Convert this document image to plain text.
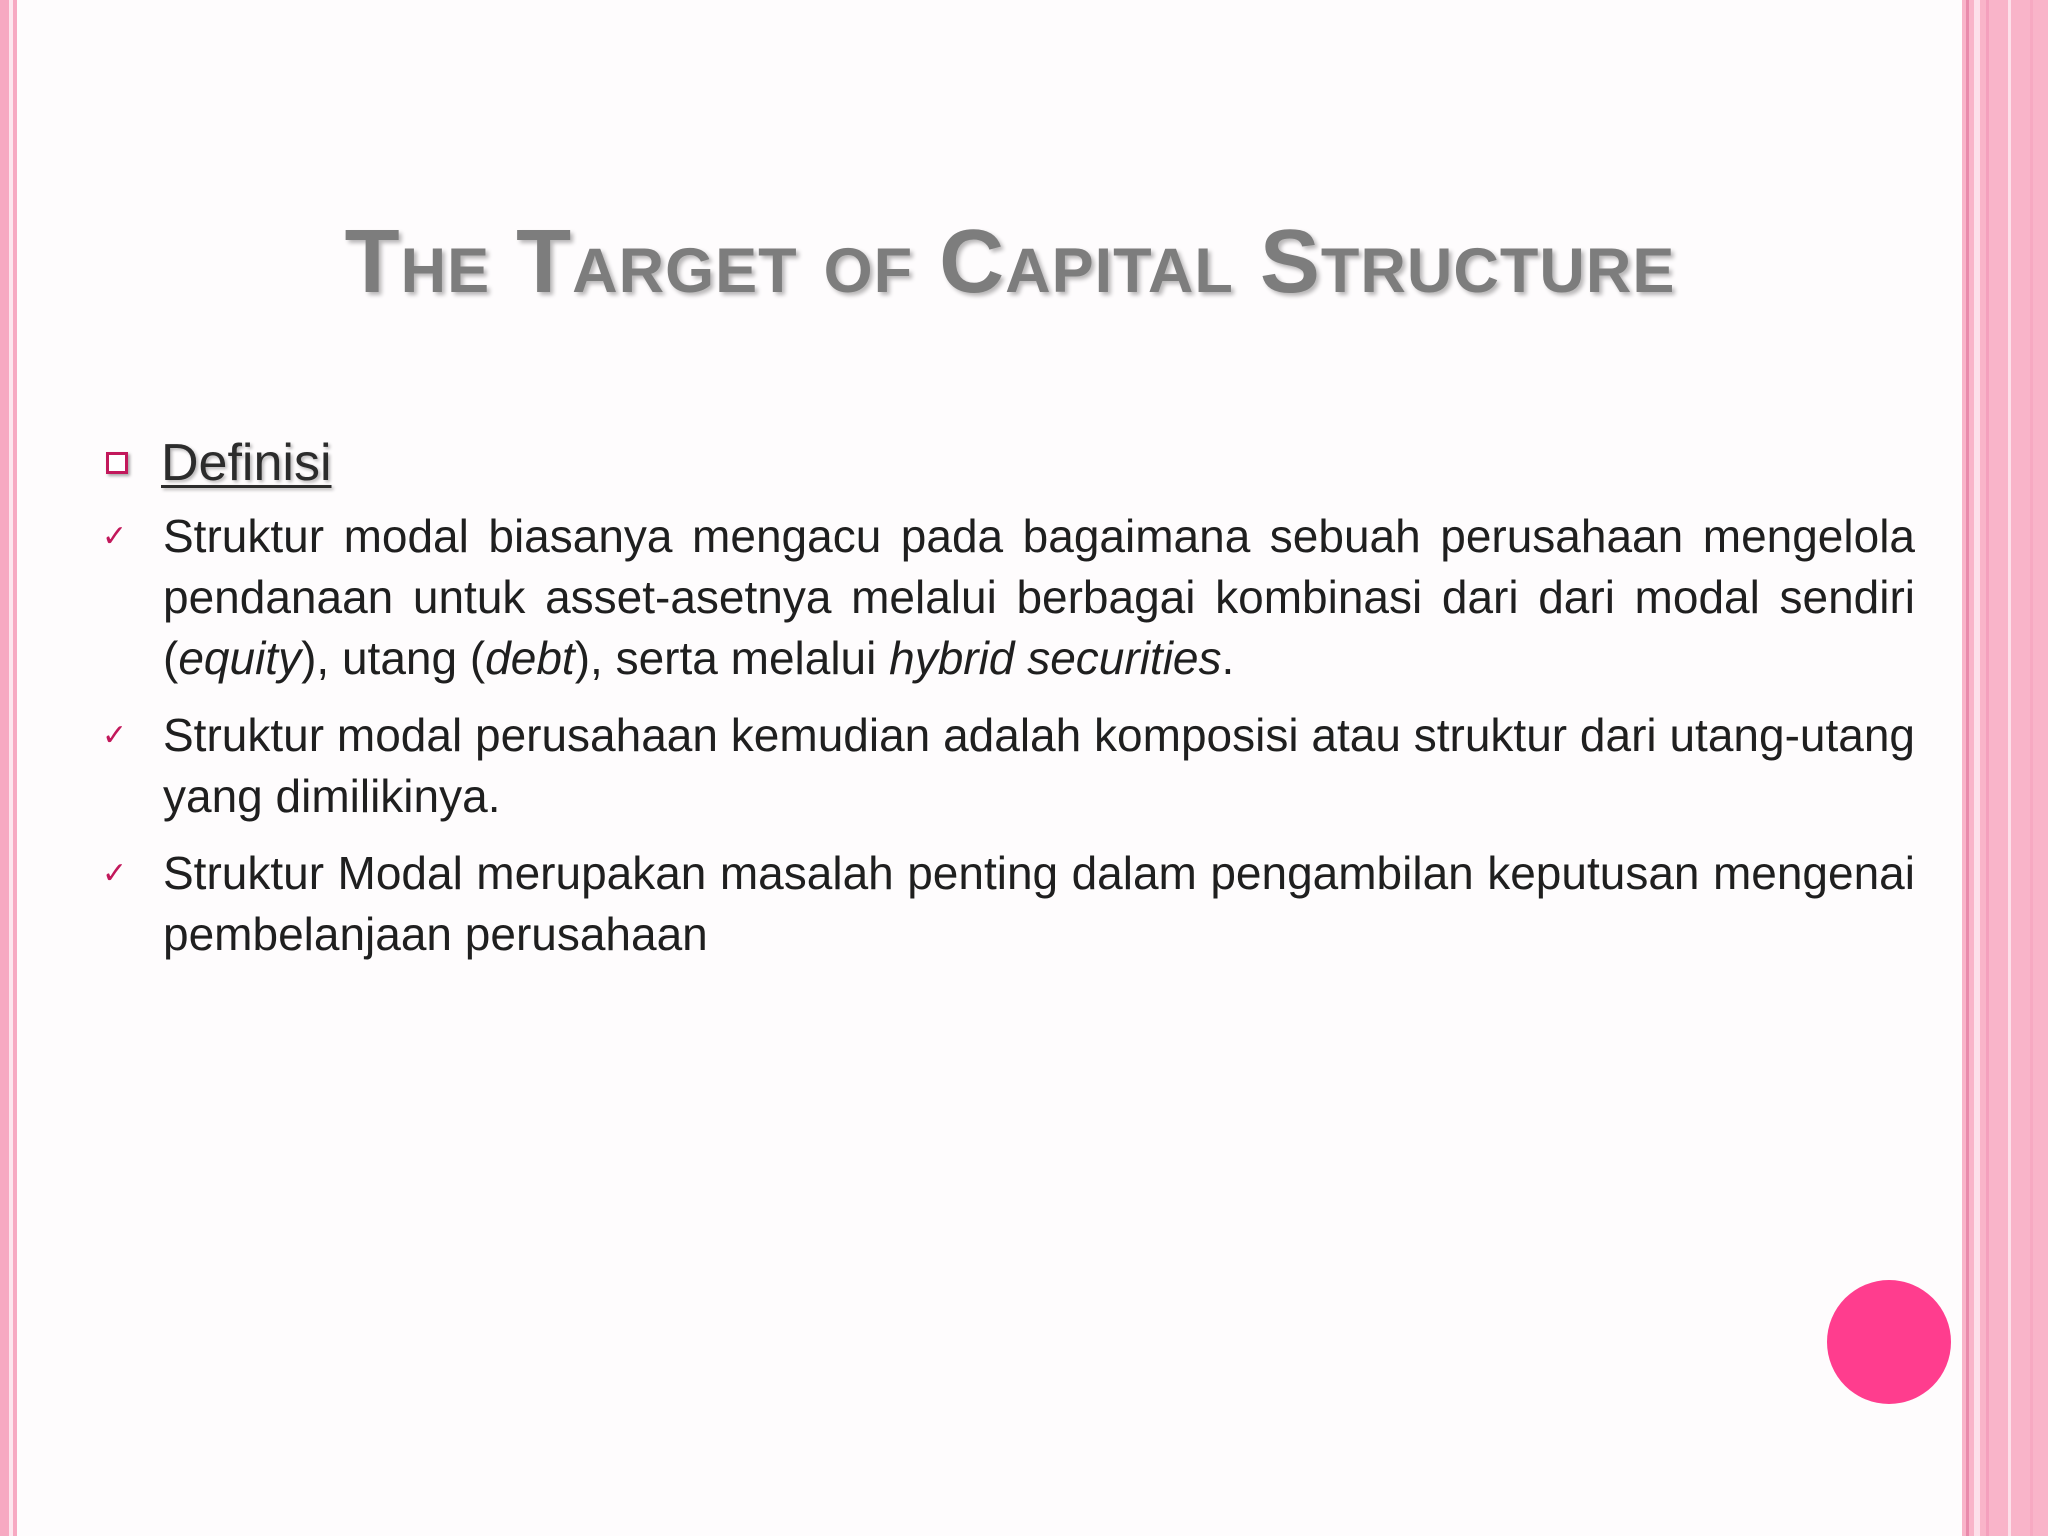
The Target of Capital Structure
Definisi
✓ Struktur modal biasanya mengacu pada bagaimana sebuah perusahaan mengelola pendanaan untuk asset-asetnya melalui berbagai kombinasi dari dari modal sendiri (equity), utang (debt), serta melalui hybrid securities.
✓ Struktur modal perusahaan kemudian adalah komposisi atau struktur dari utang-utang yang dimilikinya.
✓ Struktur Modal merupakan masalah penting dalam pengambilan keputusan mengenai pembelanjaan perusahaan
